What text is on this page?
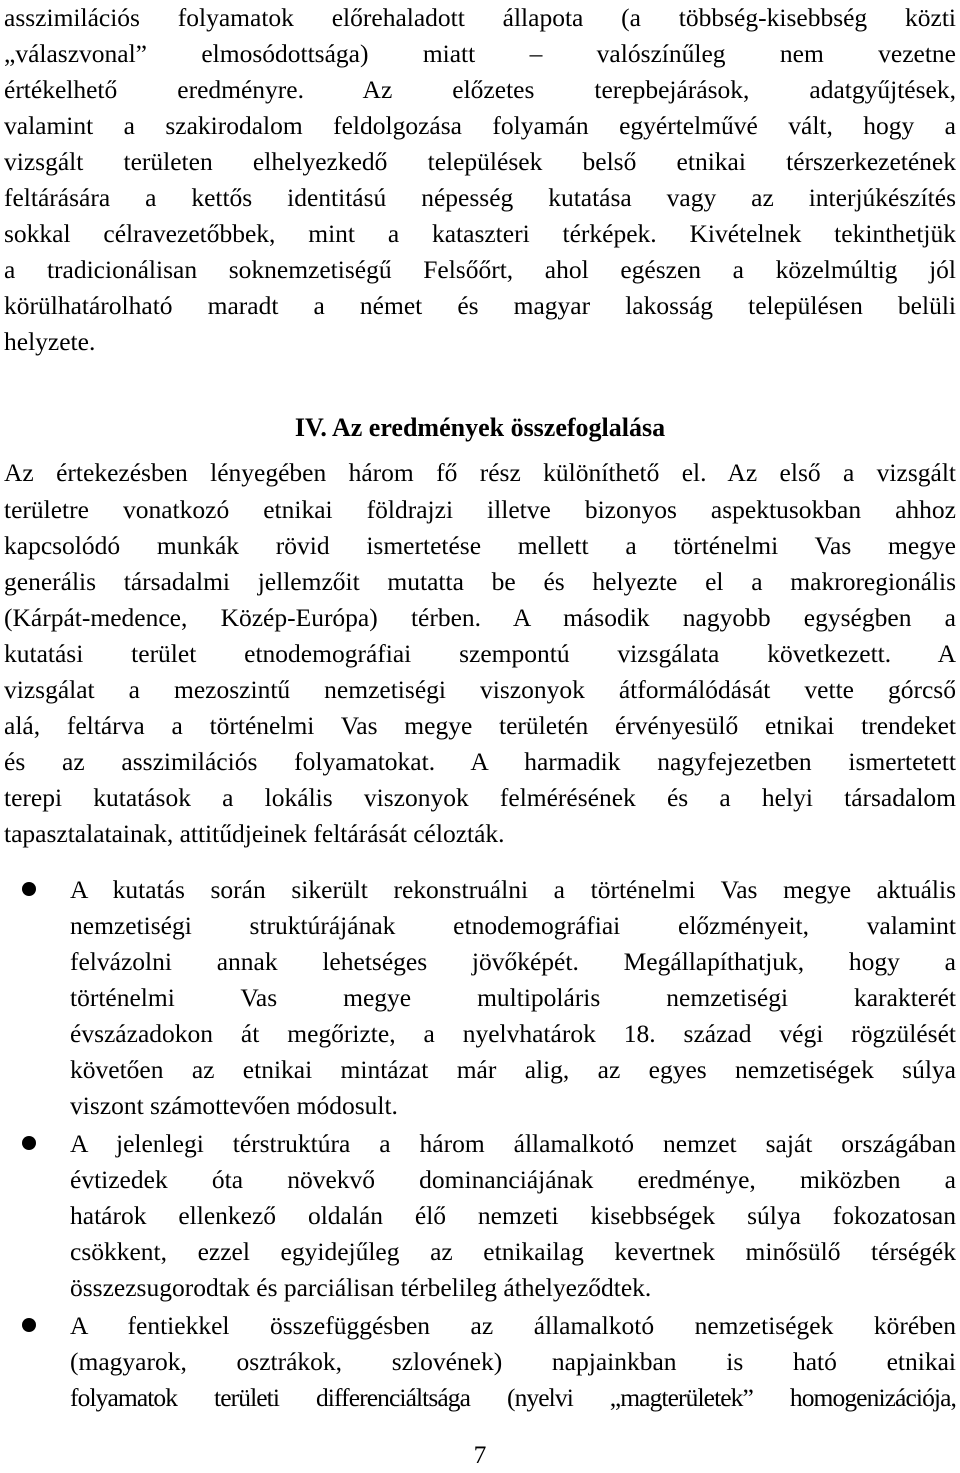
asszimilációs folyamatok előrehaladott állapota (a többség-kisebbség közti
„válaszvonal” elmosódottsága) miatt – valószínűleg nem vezetne
értékelhető eredményre. Az előzetes terepbejárások, adatgyűjtések,
valamint a szakirodalom feldolgozása folyamán egyértelművé vált, hogy a
vizsgált területen elhelyezkedő települések belső etnikai térszerkezetének
feltárására a kettős identitású népesség kutatása vagy az interjúkészítés
sokkal célravezetőbbek, mint a kataszteri térképek. Kivételnek tekinthetjük
a tradicionálisan soknemzetiségű Felsőőrt, ahol egészen a közelmúltig jól
körülhatárolható maradt a német és magyar lakosság településen belüli
helyzete.
IV. Az eredmények összefoglalása
Az értekezésben lényegében három fő rész különíthető el. Az első a vizsgált
területre vonatkozó etnikai földrajzi illetve bizonyos aspektusokban ahhoz
kapcsolódó munkák rövid ismertetése mellett a történelmi Vas megye
generális társadalmi jellemzőit mutatta be és helyezte el a makroregionális
(Kárpát-medence, Közép-Európa) térben. A második nagyobb egységben a
kutatási terület etnodemográfiai szempontú vizsgálata következett. A
vizsgálat a mezoszintű nemzetiségi viszonyok átformálódását vette górcső
alá, feltárva a történelmi Vas megye területén érvényesülő etnikai trendeket
és az asszimilációs folyamatokat. A harmadik nagyfejezetben ismertetett
terepi kutatások a lokális viszonyok felmérésének és a helyi társadalom
tapasztalatainak, attitűdjeinek feltárását célozták.
A kutatás során sikerült rekonstruálni a történelmi Vas megye aktuális
nemzetiségi struktúrájának etnodemográfiai előzményeit, valamint
felvázolni annak lehetséges jövőképét. Megállapíthatjuk, hogy a
történelmi Vas megye multipoláris nemzetiségi karakterét
évszázadokon át megőrizte, a nyelvhatárok 18. század végi rögzülését
követően az etnikai mintázat már alig, az egyes nemzetiségek súlya
viszont számottevően módosult.
A jelenlegi térstruktúra a három államalkotó nemzet saját országában
évtizedek óta növekvő dominanciájának eredménye, miközben a
határok ellenkező oldalán élő nemzeti kisebbségek súlya fokozatosan
csökkent, ezzel egyidejűleg az etnikailag kevertnek minősülő térségék
összezsugorodtak és parciálisan térbelileg áthelyeződtek.
A fentiekkel összefüggésben az államalkotó nemzetiségek körében
(magyarok, osztrákok, szlovének) napjainkban is ható etnikai
folyamatok területi differenciáltsága (nyelvi „magterületek” homogenizációja,
7
